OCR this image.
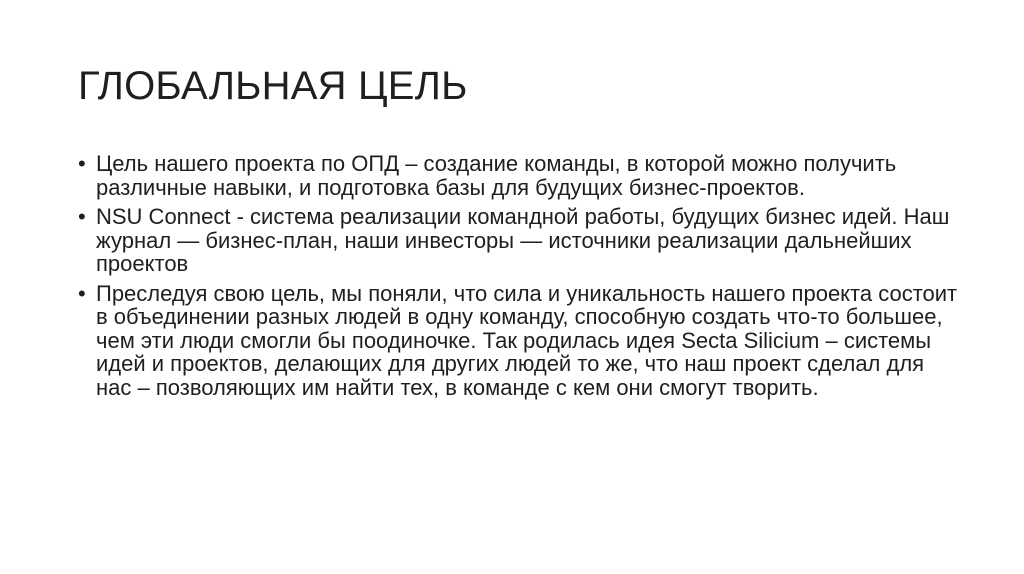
ГЛОБАЛЬНАЯ ЦЕЛЬ
• Цель нашего проекта по ОПД – создание команды, в которой можно получить различные навыки, и подготовка базы для будущих бизнес-проектов.
• NSU Connect - система реализации командной работы, будущих бизнес идей. Наш журнал — бизнес-план, наши инвесторы — источники реализации дальнейших проектов
• Преследуя свою цель, мы поняли, что сила и уникальность нашего проекта состоит в объединении разных людей в одну команду, способную создать что-то большее, чем эти люди смогли бы поодиночке. Так родилась идея Secta Silicium – системы идей и проектов, делающих для других людей то же, что наш проект сделал для нас – позволяющих им найти тех, в команде с кем они смогут творить.
